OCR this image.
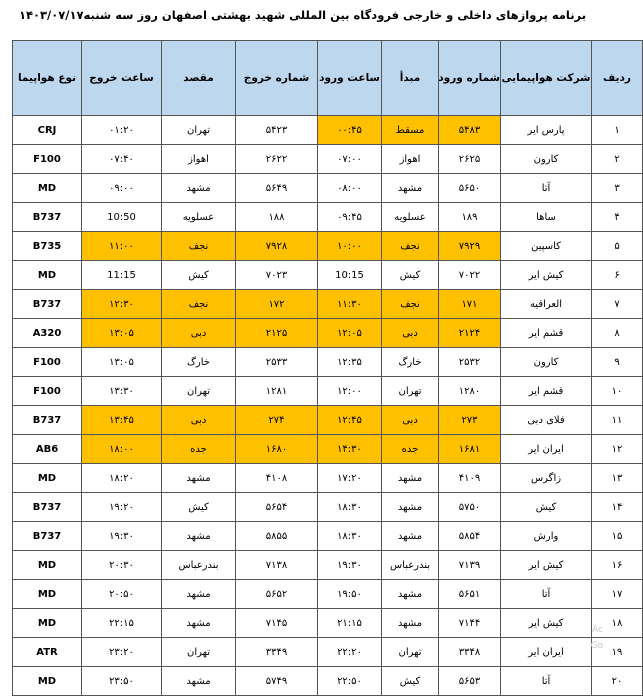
برنامه پروازهای داخلی و خارجی فرودگاه بین المللی شهید بهشتی اصفهان روز سه شنبه۱۴۰۳/۰۷/۱۷
ردیف	شرکت هواپیمایی	شماره ورود	مبدأ	ساعت ورود	شماره خروج	مقصد	ساعت خروج	نوع هواپیما
۱	پارس ایر	۵۴۸۳	مسقط	۰۰:۴۵	۵۴۲۳	تهران	۰۱:۲۰	CRJ
۲	کارون	۲۶۲۵	اهواز	۰۷:۰۰	۲۶۲۲	اهواز	۰۷:۴۰	F100
۳	آتا	۵۶۵۰	مشهد	۰۸:۰۰	۵۶۴۹	مشهد	۰۹:۰۰	MD
۴	ساها	۱۸۹	عسلویه	۰۹:۴۵	۱۸۸	عسلویه	10:50	B737
۵	کاسپین	۷۹۲۹	نجف	۱۰:۰۰	۷۹۲۸	نجف	۱۱:۰۰	B735
۶	کیش ایر	۷۰۲۲	کیش	10:15	۷۰۲۳	کیش	11:15	MD
۷	العراقیه	۱۷۱	نجف	۱۱:۳۰	۱۷۲	نجف	۱۲:۳۰	B737
۸	قشم ایر	۲۱۲۴	دبی	۱۲:۰۵	۲۱۲۵	دبی	۱۳:۰۵	A320
۹	کارون	۲۵۳۲	خارگ	۱۲:۳۵	۲۵۳۳	خارگ	۱۳:۰۵	F100
۱۰	قشم ایر	۱۲۸۰	تهران	۱۲:۰۰	۱۲۸۱	تهران	۱۳:۳۰	F100
۱۱	فلای دبی	۲۷۳	دبی	۱۲:۴۵	۲۷۴	دبی	۱۳:۴۵	B737
۱۲	ایران ایر	۱۶۸۱	جده	۱۴:۳۰	۱۶۸۰	جده	۱۸:۰۰	AB6
۱۳	زاگرس	۴۱۰۹	مشهد	۱۷:۲۰	۴۱۰۸	مشهد	۱۸:۲۰	MD
۱۴	کیش	۵۷۵۰	مشهد	۱۸:۳۰	۵۶۵۴	کیش	۱۹:۲۰	B737
۱۵	وارش	۵۸۵۴	مشهد	۱۸:۳۰	۵۸۵۵	مشهد	۱۹:۳۰	B737
۱۶	کیش ایر	۷۱۳۹	بندرعباس	۱۹:۳۰	۷۱۳۸	بندرعباس	۲۰:۳۰	MD
۱۷	آتا	۵۶۵۱	مشهد	۱۹:۵۰	۵۶۵۲	مشهد	۲۰:۵۰	MD
۱۸	کیش ایر	۷۱۴۴	مشهد	۲۱:۱۵	۷۱۴۵	مشهد	۲۲:۱۵	MD
۱۹	ایران ایر	۳۳۴۸	تهران	۲۲:۲۰	۳۳۴۹	تهران	۲۳:۲۰	ATR
۲۰	آتا	۵۶۵۳	کیش	۲۲:۵۰	۵۷۴۹	مشهد	۲۳:۵۰	MD
Ac Go
